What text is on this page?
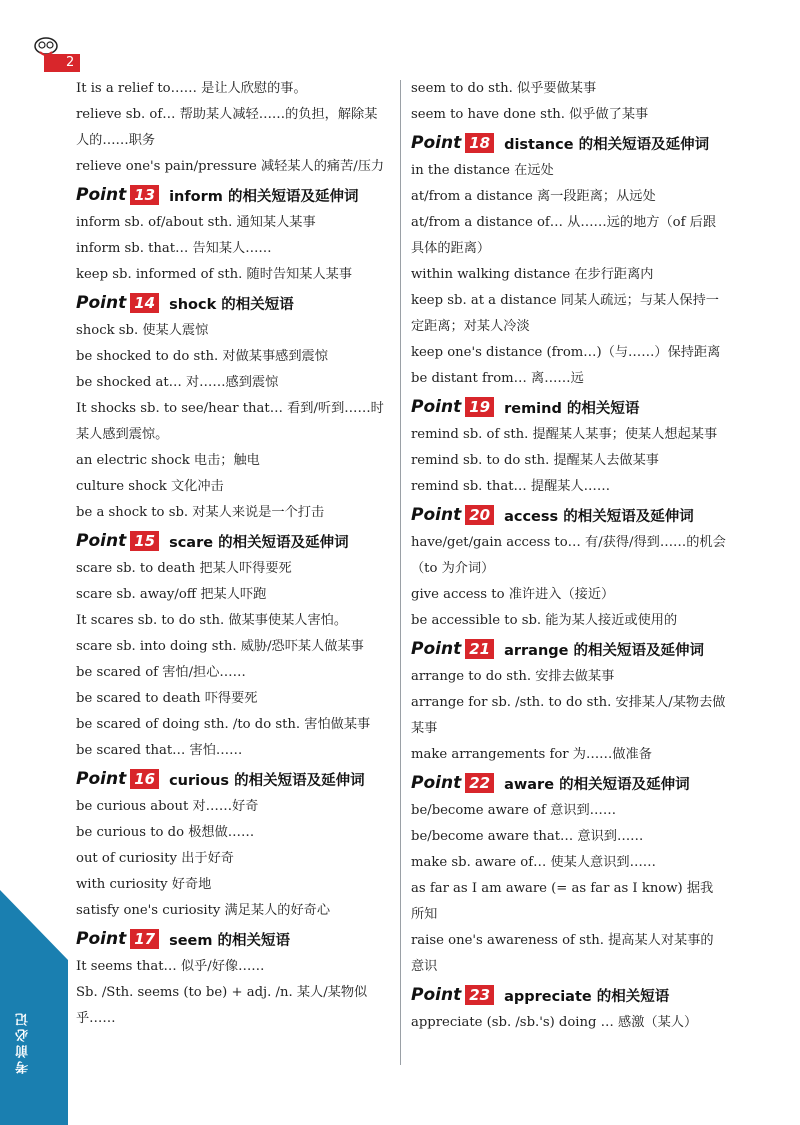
考前必记
2
It is a relief to…… 是让人欣慰的事。
relieve sb. of… 帮助某人减轻……的负担，解除某人的……职务
relieve one's pain/pressure 减轻某人的痛苦/压力
Point 13 inform 的相关短语及延伸词
inform sb. of/about sth. 通知某人某事
inform sb. that… 告知某人……
keep sb. informed of sth. 随时告知某人某事
Point 14 shock 的相关短语
shock sb. 使某人震惊
be shocked to do sth. 对做某事感到震惊
be shocked at… 对……感到震惊
It shocks sb. to see/hear that… 看到/听到……时某人感到震惊。
an electric shock 电击；触电
culture shock 文化冲击
be a shock to sb. 对某人来说是一个打击
Point 15 scare 的相关短语及延伸词
scare sb. to death 把某人吓得要死
scare sb. away/off 把某人吓跑
It scares sb. to do sth. 做某事使某人害怕。
scare sb. into doing sth. 威胁/恐吓某人做某事
be scared of 害怕/担心……
be scared to death 吓得要死
be scared of doing sth. /to do sth. 害怕做某事
be scared that… 害怕……
Point 16 curious 的相关短语及延伸词
be curious about 对……好奇
be curious to do 极想做……
out of curiosity 出于好奇
with curiosity 好奇地
satisfy one's curiosity 满足某人的好奇心
Point 17 seem 的相关短语
It seems that… 似乎/好像……
Sb. /Sth. seems (to be) + adj. /n. 某人/某物似乎……
seem to do sth. 似乎要做某事
seem to have done sth. 似乎做了某事
Point 18 distance 的相关短语及延伸词
in the distance 在远处
at/from a distance 离一段距离；从远处
at/from a distance of… 从……远的地方（of 后跟具体的距离）
within walking distance 在步行距离内
keep sb. at a distance 同某人疏远；与某人保持一定距离；对某人冷淡
keep one's distance (from…)（与……）保持距离
be distant from… 离……远
Point 19 remind 的相关短语
remind sb. of sth. 提醒某人某事；使某人想起某事
remind sb. to do sth. 提醒某人去做某事
remind sb. that… 提醒某人……
Point 20 access 的相关短语及延伸词
have/get/gain access to… 有/获得/得到……的机会（to 为介词）
give access to 准许进入（接近）
be accessible to sb. 能为某人接近或使用的
Point 21 arrange 的相关短语及延伸词
arrange to do sth. 安排去做某事
arrange for sb. /sth. to do sth. 安排某人/某物去做某事
make arrangements for 为……做准备
Point 22 aware 的相关短语及延伸词
be/become aware of 意识到……
be/become aware that… 意识到……
make sb. aware of… 使某人意识到……
as far as I am aware (= as far as I know) 据我所知
raise one's awareness of sth. 提高某人对某事的意识
Point 23 appreciate 的相关短语
appreciate (sb. /sb.'s) doing … 感激（某人）
